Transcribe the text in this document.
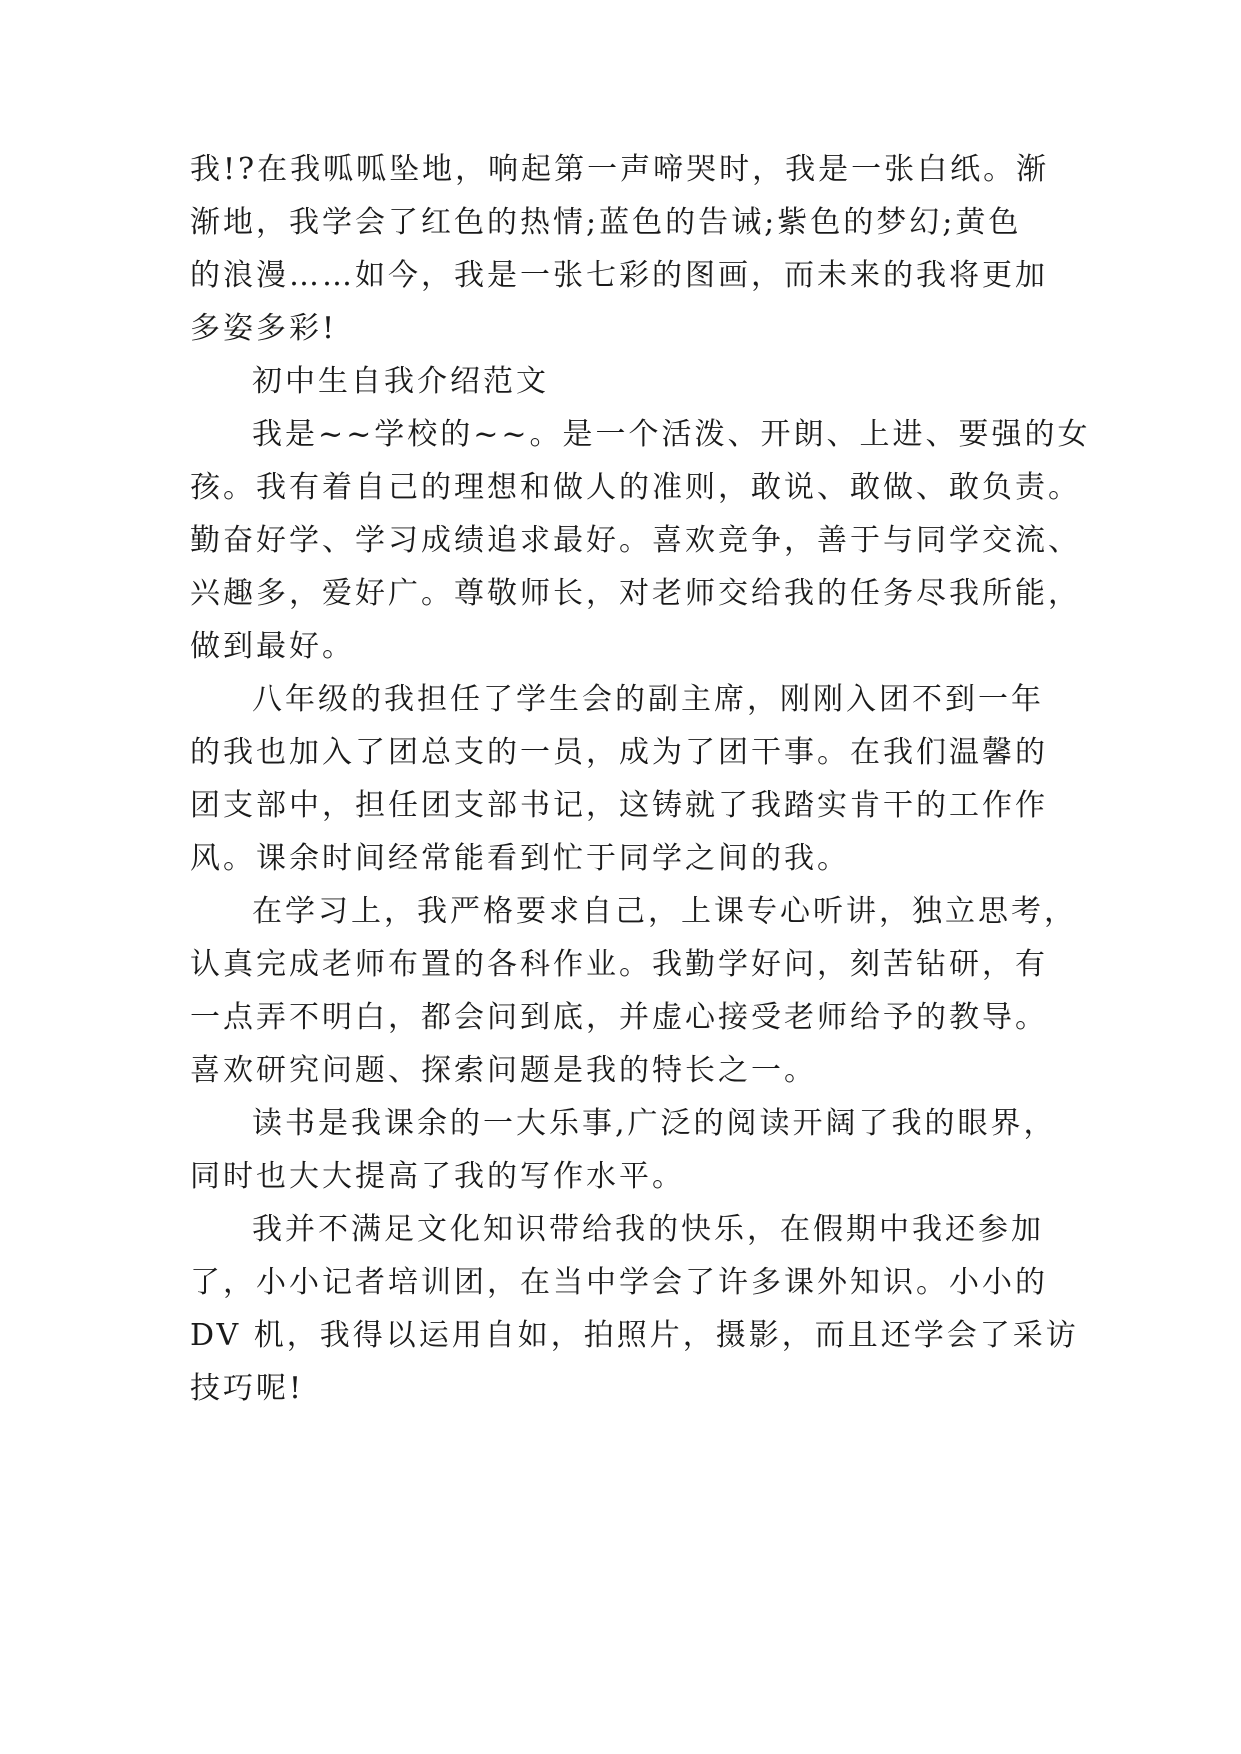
我!?在我呱呱坠地，响起第一声啼哭时，我是一张白纸。渐

渐地，我学会了红色的热情;蓝色的告诫;紫色的梦幻;黄色

的浪漫……如今，我是一张七彩的图画，而未来的我将更加

多姿多彩!

初中生自我介绍范文

我是~~学校的~~。是一个活泼、开朗、上进、要强的女

孩。我有着自己的理想和做人的准则，敢说、敢做、敢负责。

勤奋好学、学习成绩追求最好。喜欢竞争，善于与同学交流、

兴趣多，爱好广。尊敬师长，对老师交给我的任务尽我所能，

做到最好。

八年级的我担任了学生会的副主席，刚刚入团不到一年

的我也加入了团总支的一员，成为了团干事。在我们温馨的

团支部中，担任团支部书记，这铸就了我踏实肯干的工作作

风。课余时间经常能看到忙于同学之间的我。

在学习上，我严格要求自己，上课专心听讲，独立思考，

认真完成老师布置的各科作业。我勤学好问，刻苦钻研，有

一点弄不明白，都会问到底，并虚心接受老师给予的教导。

喜欢研究问题、探索问题是我的特长之一。

读书是我课余的一大乐事,广泛的阅读开阔了我的眼界，

同时也大大提高了我的写作水平。

我并不满足文化知识带给我的快乐，在假期中我还参加

了，小小记者培训团，在当中学会了许多课外知识。小小的

DV 机，我得以运用自如，拍照片，摄影，而且还学会了采访

技巧呢!
